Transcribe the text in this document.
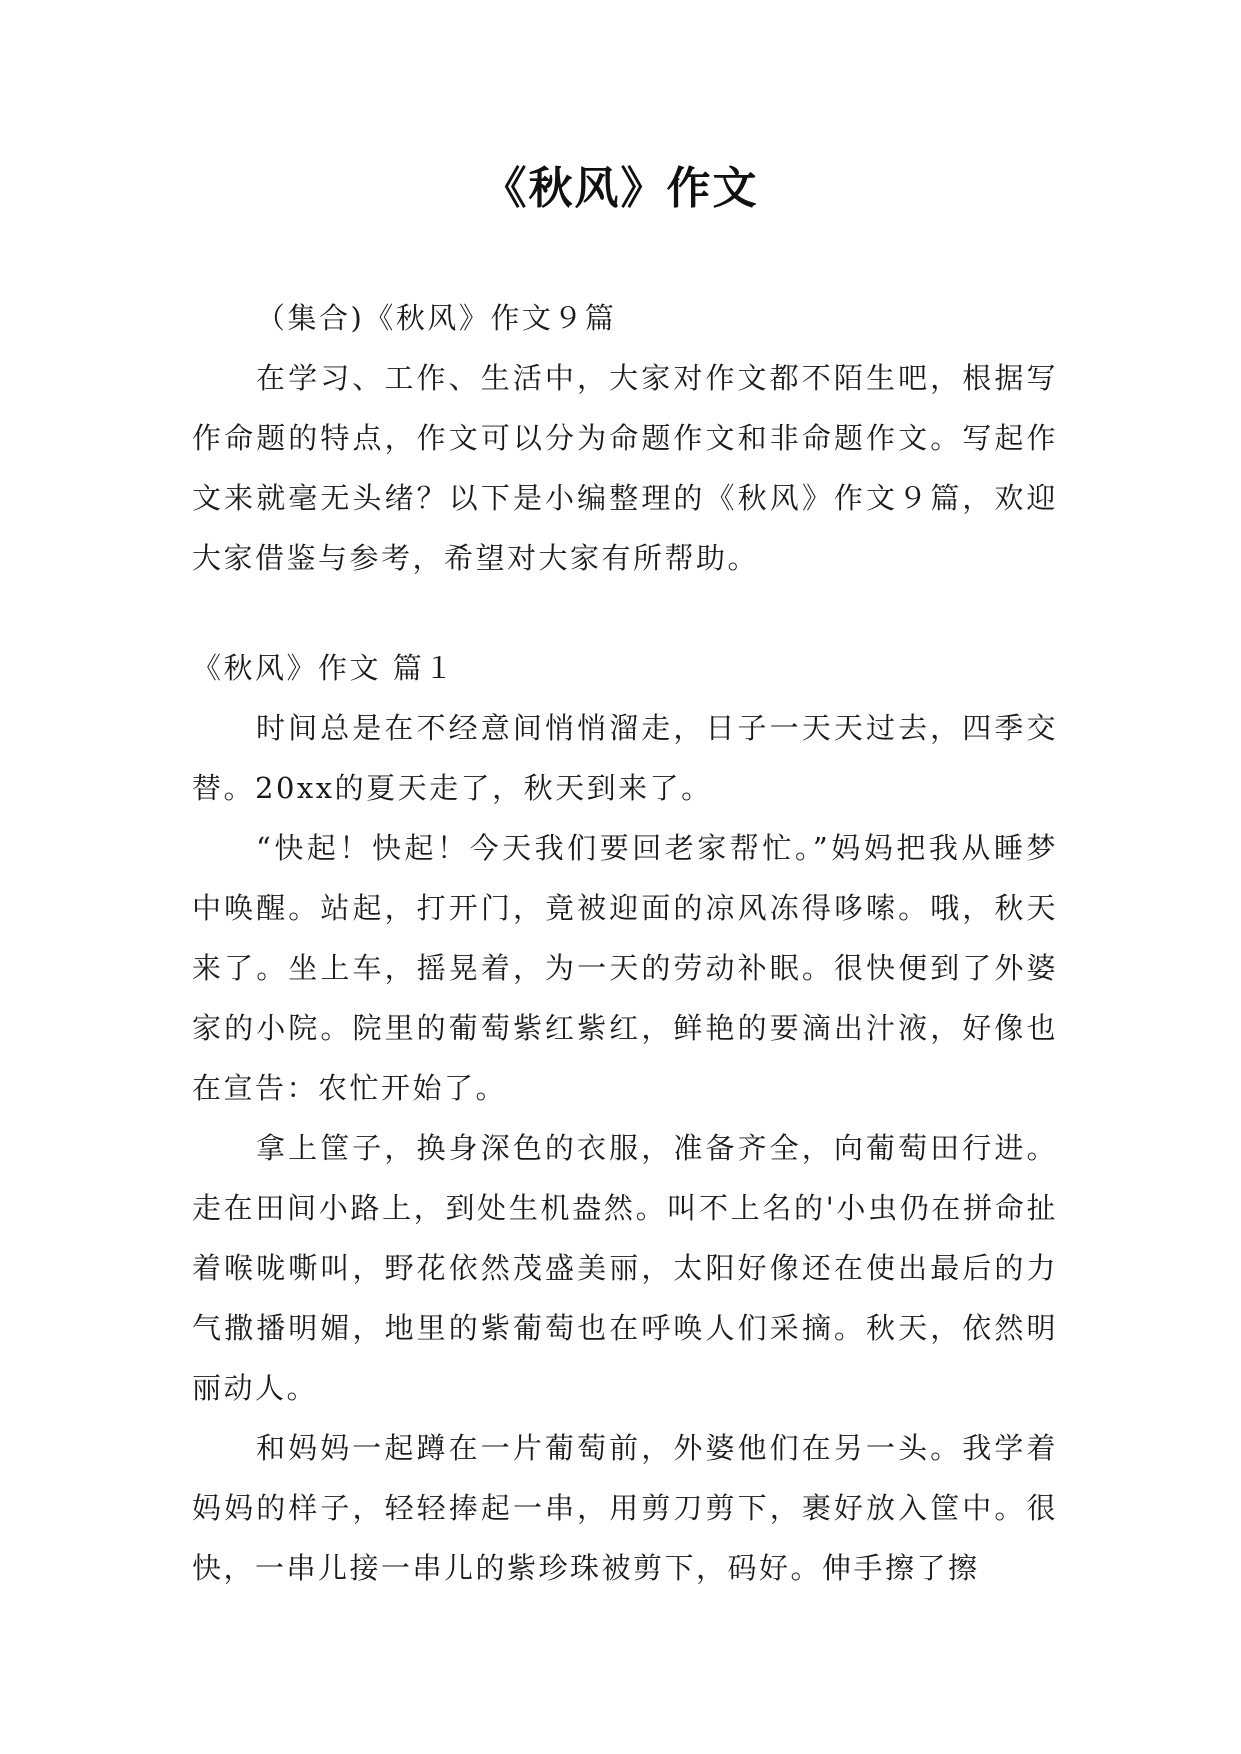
《秋风》作文

（集合)《秋风》作文９篇

在学习、工作、生活中，大家对作文都不陌生吧，根据写作命题的特点，作文可以分为命题作文和非命题作文。写起作文来就毫无头绪？以下是小编整理的《秋风》作文９篇，欢迎大家借鉴与参考，希望对大家有所帮助。

《秋风》作文 篇１

时间总是在不经意间悄悄溜走，日子一天天过去，四季交替。20xx的夏天走了，秋天到来了。

“快起！快起！今天我们要回老家帮忙。”妈妈把我从睡梦中唤醒。站起，打开门，竟被迎面的凉风冻得哆嗦。哦，秋天来了。坐上车，摇晃着，为一天的劳动补眠。很快便到了外婆家的小院。院里的葡萄紫红紫红，鲜艳的要滴出汁液，好像也在宣告：农忙开始了。

拿上筐子，换身深色的衣服，准备齐全，向葡萄田行进。走在田间小路上，到处生机盎然。叫不上名的'小虫仍在拼命扯着喉咙嘶叫，野花依然茂盛美丽，太阳好像还在使出最后的力气撒播明媚，地里的紫葡萄也在呼唤人们采摘。秋天，依然明丽动人。

和妈妈一起蹲在一片葡萄前，外婆他们在另一头。我学着妈妈的样子，轻轻捧起一串，用剪刀剪下，裹好放入筐中。很快，一串儿接一串儿的紫珍珠被剪下，码好。伸手擦了擦
